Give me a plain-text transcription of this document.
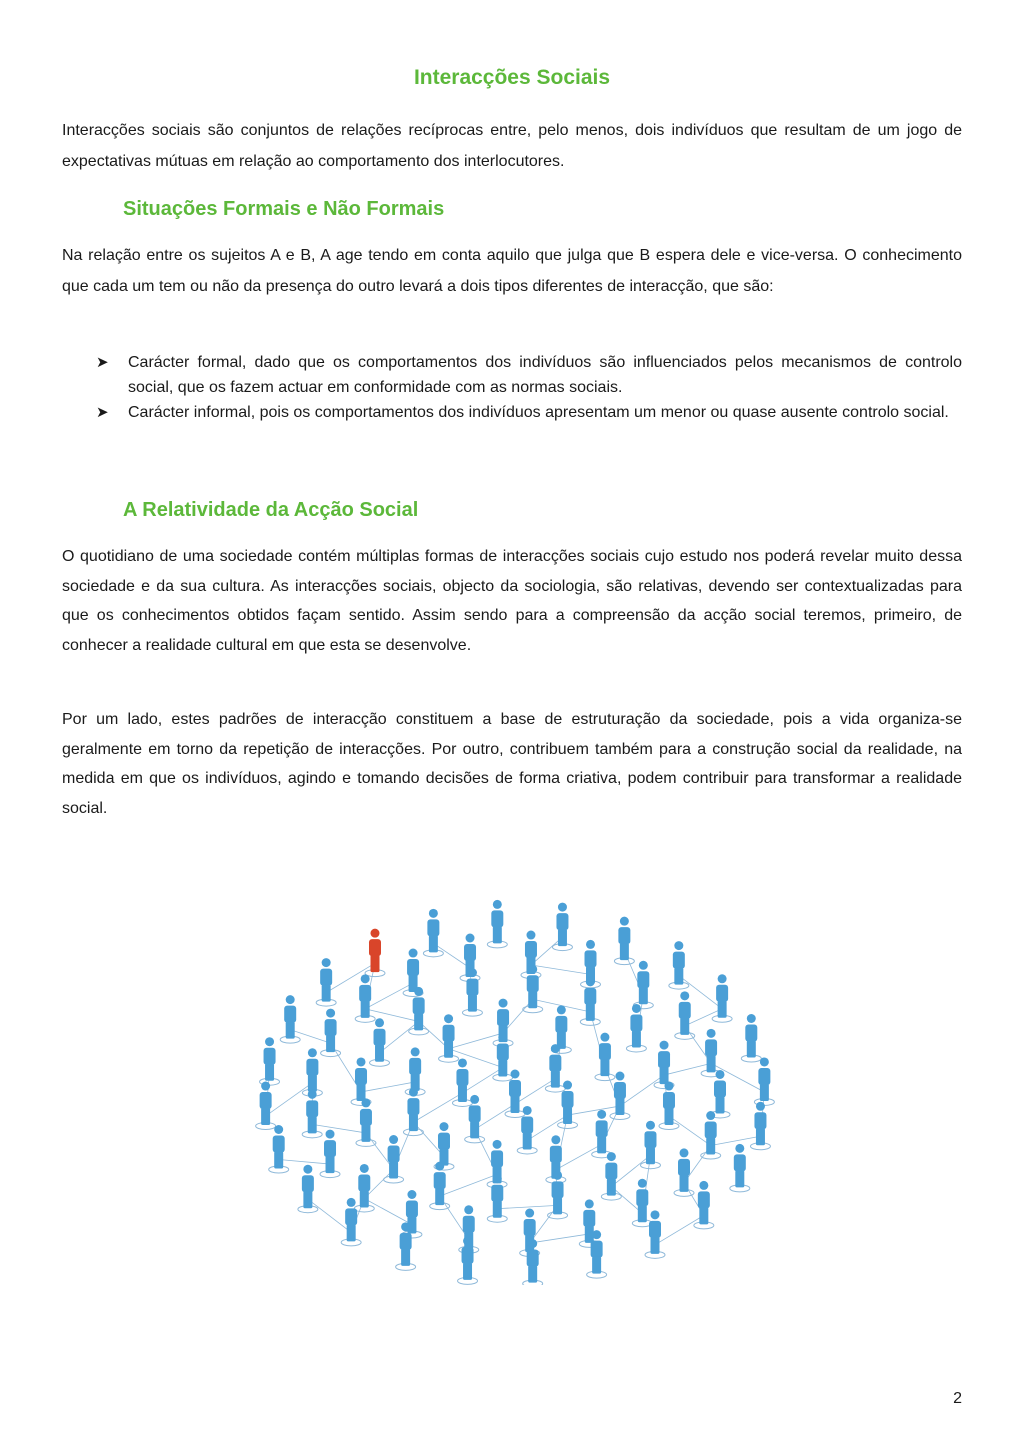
Interacções Sociais

Interacções sociais são conjuntos de relações recíprocas entre, pelo menos, dois indivíduos que resultam de um jogo de expectativas mútuas em relação ao comportamento dos interlocutores.

Situações Formais e Não Formais

Na relação entre os sujeitos A e B, A age tendo em conta aquilo que julga que B espera dele e vice-versa. O conhecimento que cada um tem ou não da presença do outro levará a dois tipos diferentes de interacção, que são:

➤ Carácter formal, dado que os comportamentos dos indivíduos são influenciados pelos mecanismos de controlo social, que os fazem actuar em conformidade com as normas sociais.
➤ Carácter informal, pois os comportamentos dos indivíduos apresentam um menor ou quase ausente controlo social.
A Relatividade da Acção Social

O quotidiano de uma sociedade contém múltiplas formas de interacções sociais cujo estudo nos poderá revelar muito dessa sociedade e da sua cultura. As interacções sociais, objecto da sociologia, são relativas, devendo ser contextualizadas para que os conhecimentos obtidos façam sentido. Assim sendo para a compreensão da acção social teremos, primeiro, de conhecer a realidade cultural em que esta se desenvolve.

Por um lado, estes padrões de interacção constituem a base de estruturação da sociedade, pois a vida organiza-se geralmente em torno da repetição de interacções. Por outro, contribuem também para a construção social da realidade, na medida em que os indivíduos, agindo e tomando decisões de forma criativa, podem contribuir para transformar a realidade social.

2
